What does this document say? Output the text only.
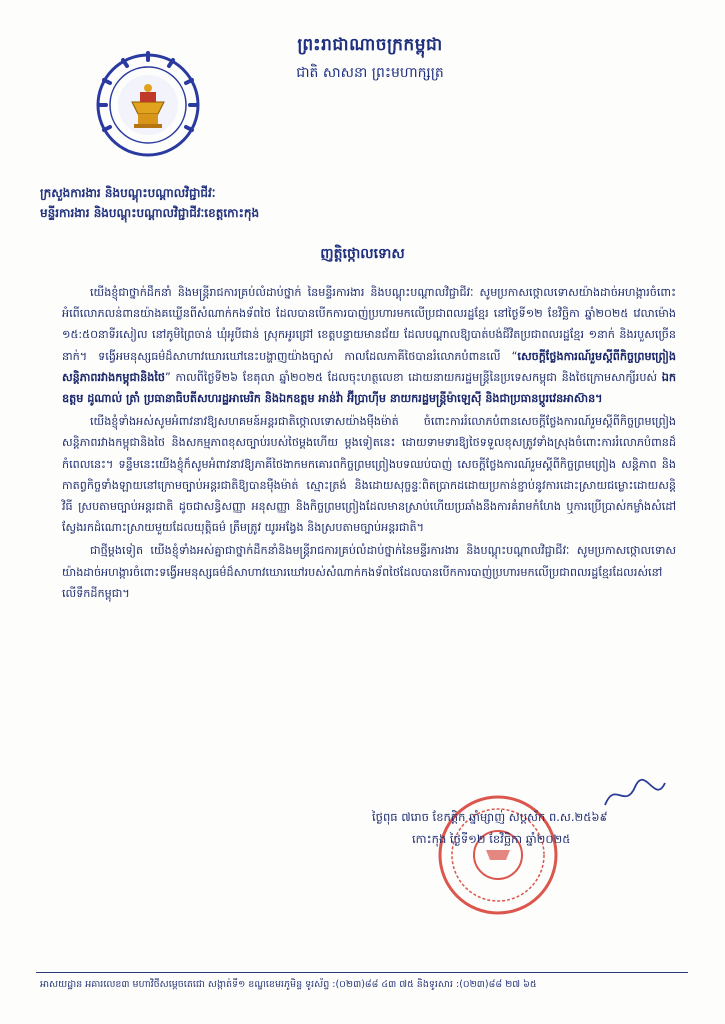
ព្រះរាជាណាចក្រកម្ពុជា
ជាតិ សាសនា ព្រះមហាក្សត្រ
ក្រសួងការងារ និងបណ្តុះបណ្តាលវិជ្ជាជីវៈ
មន្ទីរការងារ និងបណ្តុះបណ្តាលវិជ្ជាជីវៈខេត្តកោះកុង
ញត្តិថ្កោលទោស

យើងខ្ញុំជាថ្នាក់ដឹកនាំ និងមន្ត្រីរាជការគ្រប់លំដាប់ថ្នាក់ នៃមន្ទីរការងារ និងបណ្តុះបណ្តាលវិជ្ជាជីវៈ សូមប្រកាសថ្កោលទោសយ៉ាងដាច់អហង្ការចំពោះអំពើលោភលន់ពានយ៉ាងគឃ្លើនពីសំណាក់កងទ័ពថៃ ដែលបានបើកការបាញ់ប្រហារមកលើប្រជាពលរដ្ឋខ្មែរ នៅថ្ងៃទី១២ ខែវិច្ឆិកា ឆ្នាំ២០២៥ វេលាម៉ោង ១៥:៥០នាទីរសៀល នៅភូមិព្រៃចាន់ ឃុំអូបីជាន់ ស្រុកអូរជ្រៅ ខេត្តបន្ទាយមានជ័យ ដែលបណ្តាលឱ្យបាត់បង់ជីវិតប្រជាពលរដ្ឋខ្មែរ ១នាក់ និងរបួសច្រើននាក់។ ទង្វើអមនុស្សធម៌ដ៏សាហាវឃោរឃៅនេះបង្ហាញយ៉ាងច្បាស់ កាលដែលភាគីថៃបានរំលោភបំពានលើ “សេចក្តីថ្លែងការណ៍រួមស្តីពីកិច្ចព្រមព្រៀងសន្តិភាពរវាងកម្ពុជានិងថៃ” កាលពីថ្ងៃទី២៦ ខែតុលា ឆ្នាំ២០២៥ ដែលចុះហត្ថលេខា ដោយនាយករដ្ឋមន្ត្រីនៃប្រទេសកម្ពុជា និងថៃក្រោមសាក្សីរបស់ ឯកឧត្តម ដូណាល់ ត្រាំ ប្រធានាធិបតីសហរដ្ឋអាមេរិក និងឯកឧត្តម អាន់វ៉ា អ៊ីប្រាហ៊ីម នាយករដ្ឋមន្ត្រីម៉ាឡេស៊ី និងជាប្រធានប្តូរវេនអាស៊ាន។

យើងខ្ញុំទាំងអស់សូមអំពាវនាវឱ្យសហគមន៍អន្តរជាតិថ្កោលទោសយ៉ាងម៉ឺងម៉ាត់ ចំពោះការរំលោភបំពានសេចក្តីថ្លែងការណ៍រួមស្តីពីកិច្ចព្រមព្រៀងសន្តិភាពរវាងកម្ពុជានិងថៃ និងសកម្មភាពខុសច្បាប់របស់ថៃម្តងហើយ ម្តងទៀតនេះ ដោយទាមទារឱ្យថៃទទួលខុសត្រូវទាំងស្រុងចំពោះការរំលោភបំពានដ៏កំពេលនេះ។ ទន្ទឹមនេះយើងខ្ញុំក៏សូមអំពាវនាវឱ្យភាគីថៃងាកមកគោរពកិច្ចព្រមព្រៀងបទឈប់បាញ់ សេចក្តីថ្លែងការណ៍រួមស្តីពីកិច្ចព្រមព្រៀង សន្តិភាព និងកាតព្វកិច្ចទាំងឡាយនៅក្រោមច្បាប់អន្តរជាតិឱ្យបានម៉ឺងម៉ាត់ ស្មោះត្រង់ និងដោយសុច្ចន្ទៈពិតប្រាកដដោយប្រកាន់ខ្ជាប់នូវការដោះស្រាយជម្លោះដោយសន្តិវិធី ស្របតាមច្បាប់អន្តរជាតិ ដូចជាសន្ធិសញ្ញា អនុសញ្ញា និងកិច្ចព្រមព្រៀងដែលមានស្រាប់ហើយប្រឆាំងនឹងការគំរាមកំហែង ឬការប្រើប្រាស់កម្លាំងសំដៅស្វែងរកដំណោះស្រាយមួយដែលយុត្តិធម៌ ត្រឹមត្រូវ យូរអង្វែង និងស្របតាមច្បាប់អន្តរជាតិ។

ជាថ្មីម្តងទៀត យើងខ្ញុំទាំងអស់គ្នាជាថ្នាក់ដឹកនាំនិងមន្ត្រីរាជការគ្រប់លំដាប់ថ្នាក់នៃមន្ទីរការងារ និងបណ្តុះបណ្តាលវិជ្ជាជីវៈ សូមប្រកាសថ្កោលទោសយ៉ាងដាច់អហង្ការចំពោះទង្វើអមនុស្សធម៌ដ៏សាហាវឃោរឃៅរបស់សំណាក់កងទ័ពថៃដែលបានបើកការបាញ់ប្រហារមកលើប្រជាពលរដ្ឋខ្មែរដែលរស់នៅលើទឹកដីកម្ពុជា។

ថ្ងៃពុធ ៧រោច ខែកត្តិក ឆ្នាំម្សាញ់ សប្តស័ក ព.ស.២៥៦៩
កោះកុង ថ្ងៃទី១២ ខែវិច្ឆិកា ឆ្នាំ២០២៥
អាសយដ្ឋាន អគារលេខ៣ មហាវិថីសម្តេចតេជោ សង្កាត់ទី១ ខណ្ឌខេមរភូមិន្ទ ទូរស័ព្ទ :(០២៣)៨៨ ៤៣ ៧៥ និងទូរសារ :(០២៣)៨៨ ២៧ ៦៥
